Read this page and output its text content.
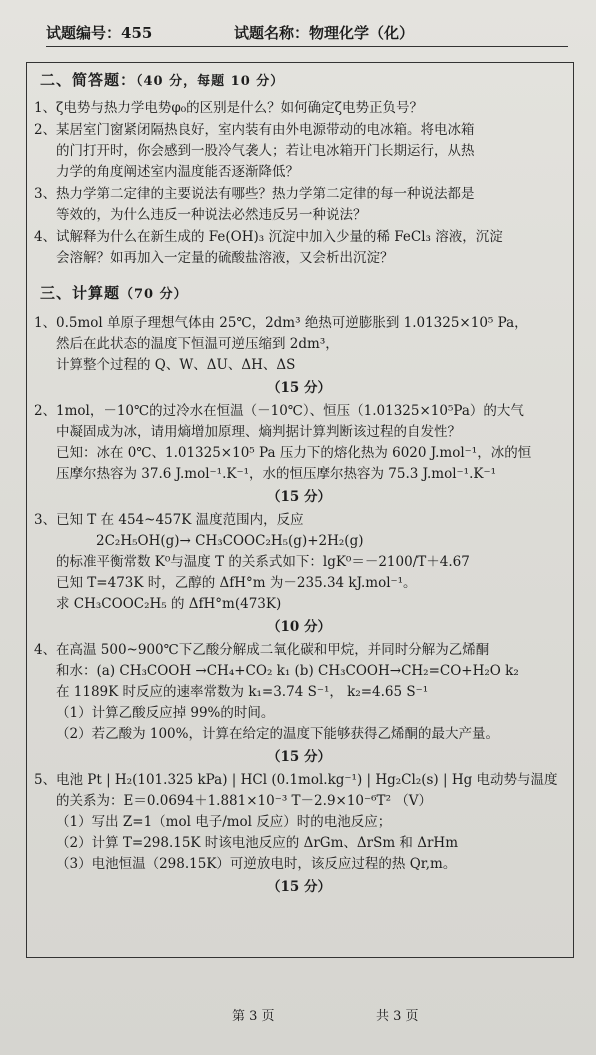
试题编号：455	试题名称：物理化学（化）
二、简答题：（40 分，每题 10 分）
1、 ζ电势与热力学电势φ₀的区别是什么？如何确定ζ电势正负号？
2、 某居室门窗紧闭隔热良好，室内装有由外电源带动的电冰箱。将电冰箱
的门打开时，你会感到一股冷气袭人；若让电冰箱开门长期运行，从热
力学的角度阐述室内温度能否逐渐降低？
3、 热力学第二定律的主要说法有哪些？热力学第二定律的每一种说法都是
等效的，为什么违反一种说法必然违反另一种说法？
4、 试解释为什么在新生成的 Fe(OH)₃ 沉淀中加入少量的稀 FeCl₃ 溶液，沉淀
会溶解？如再加入一定量的硫酸盐溶液，又会析出沉淀？
三、计算题（70 分）
1、 0.5mol 单原子理想气体由 25℃，2dm³ 绝热可逆膨胀到 1.01325×10⁵ Pa，
然后在此状态的温度下恒温可逆压缩到 2dm³，
计算整个过程的 Q、W、ΔU、ΔH、ΔS
（15 分）
2、 1mol，－10℃的过冷水在恒温（－10℃）、恒压（1.01325×10⁵Pa）的大气
中凝固成为冰，请用熵增加原理、熵判据计算判断该过程的自发性？
已知：冰在 0℃、1.01325×10⁵ Pa 压力下的熔化热为 6020 J.mol⁻¹，冰的恒
压摩尔热容为 37.6 J.mol⁻¹.K⁻¹，水的恒压摩尔热容为 75.3 J.mol⁻¹.K⁻¹
（15 分）
3、 已知 T 在 454~457K 温度范围内，反应
2C₂H₅OH(g)→ CH₃COOC₂H₅(g)+2H₂(g)
的标准平衡常数 K⁰与温度 T 的关系式如下：lgK⁰＝－2100/T＋4.67
已知 T=473K 时，乙醇的 ΔfH°m 为－235.34 kJ.mol⁻¹。
求 CH₃COOC₂H₅ 的 ΔfH°m(473K)
（10 分）
4、 在高温 500~900℃下乙酸分解成二氧化碳和甲烷，并同时分解为乙烯酮
和水：(a) CH₃COOH →CH₄+CO₂ k₁ (b) CH₃COOH→CH₂=CO+H₂O k₂
在 1189K 时反应的速率常数为 k₁=3.74 S⁻¹， k₂=4.65 S⁻¹
（1）计算乙酸反应掉 99%的时间。
（2）若乙酸为 100%，计算在给定的温度下能够获得乙烯酮的最大产量。
（15 分）
5、 电池 Pt | H₂(101.325 kPa) | HCl (0.1mol.kg⁻¹) | Hg₂Cl₂(s) | Hg 电动势与温度
的关系为：E＝0.0694＋1.881×10⁻³ T－2.9×10⁻⁶T² （V）
（1）写出 Z=1（mol 电子/mol 反应）时的电池反应；
（2）计算 T=298.15K 时该电池反应的 ΔrGm、ΔrSm 和 ΔrHm
（3）电池恒温（298.15K）可逆放电时，该反应过程的热 Qr,m。
（15 分）
第 3 页	共 3 页
